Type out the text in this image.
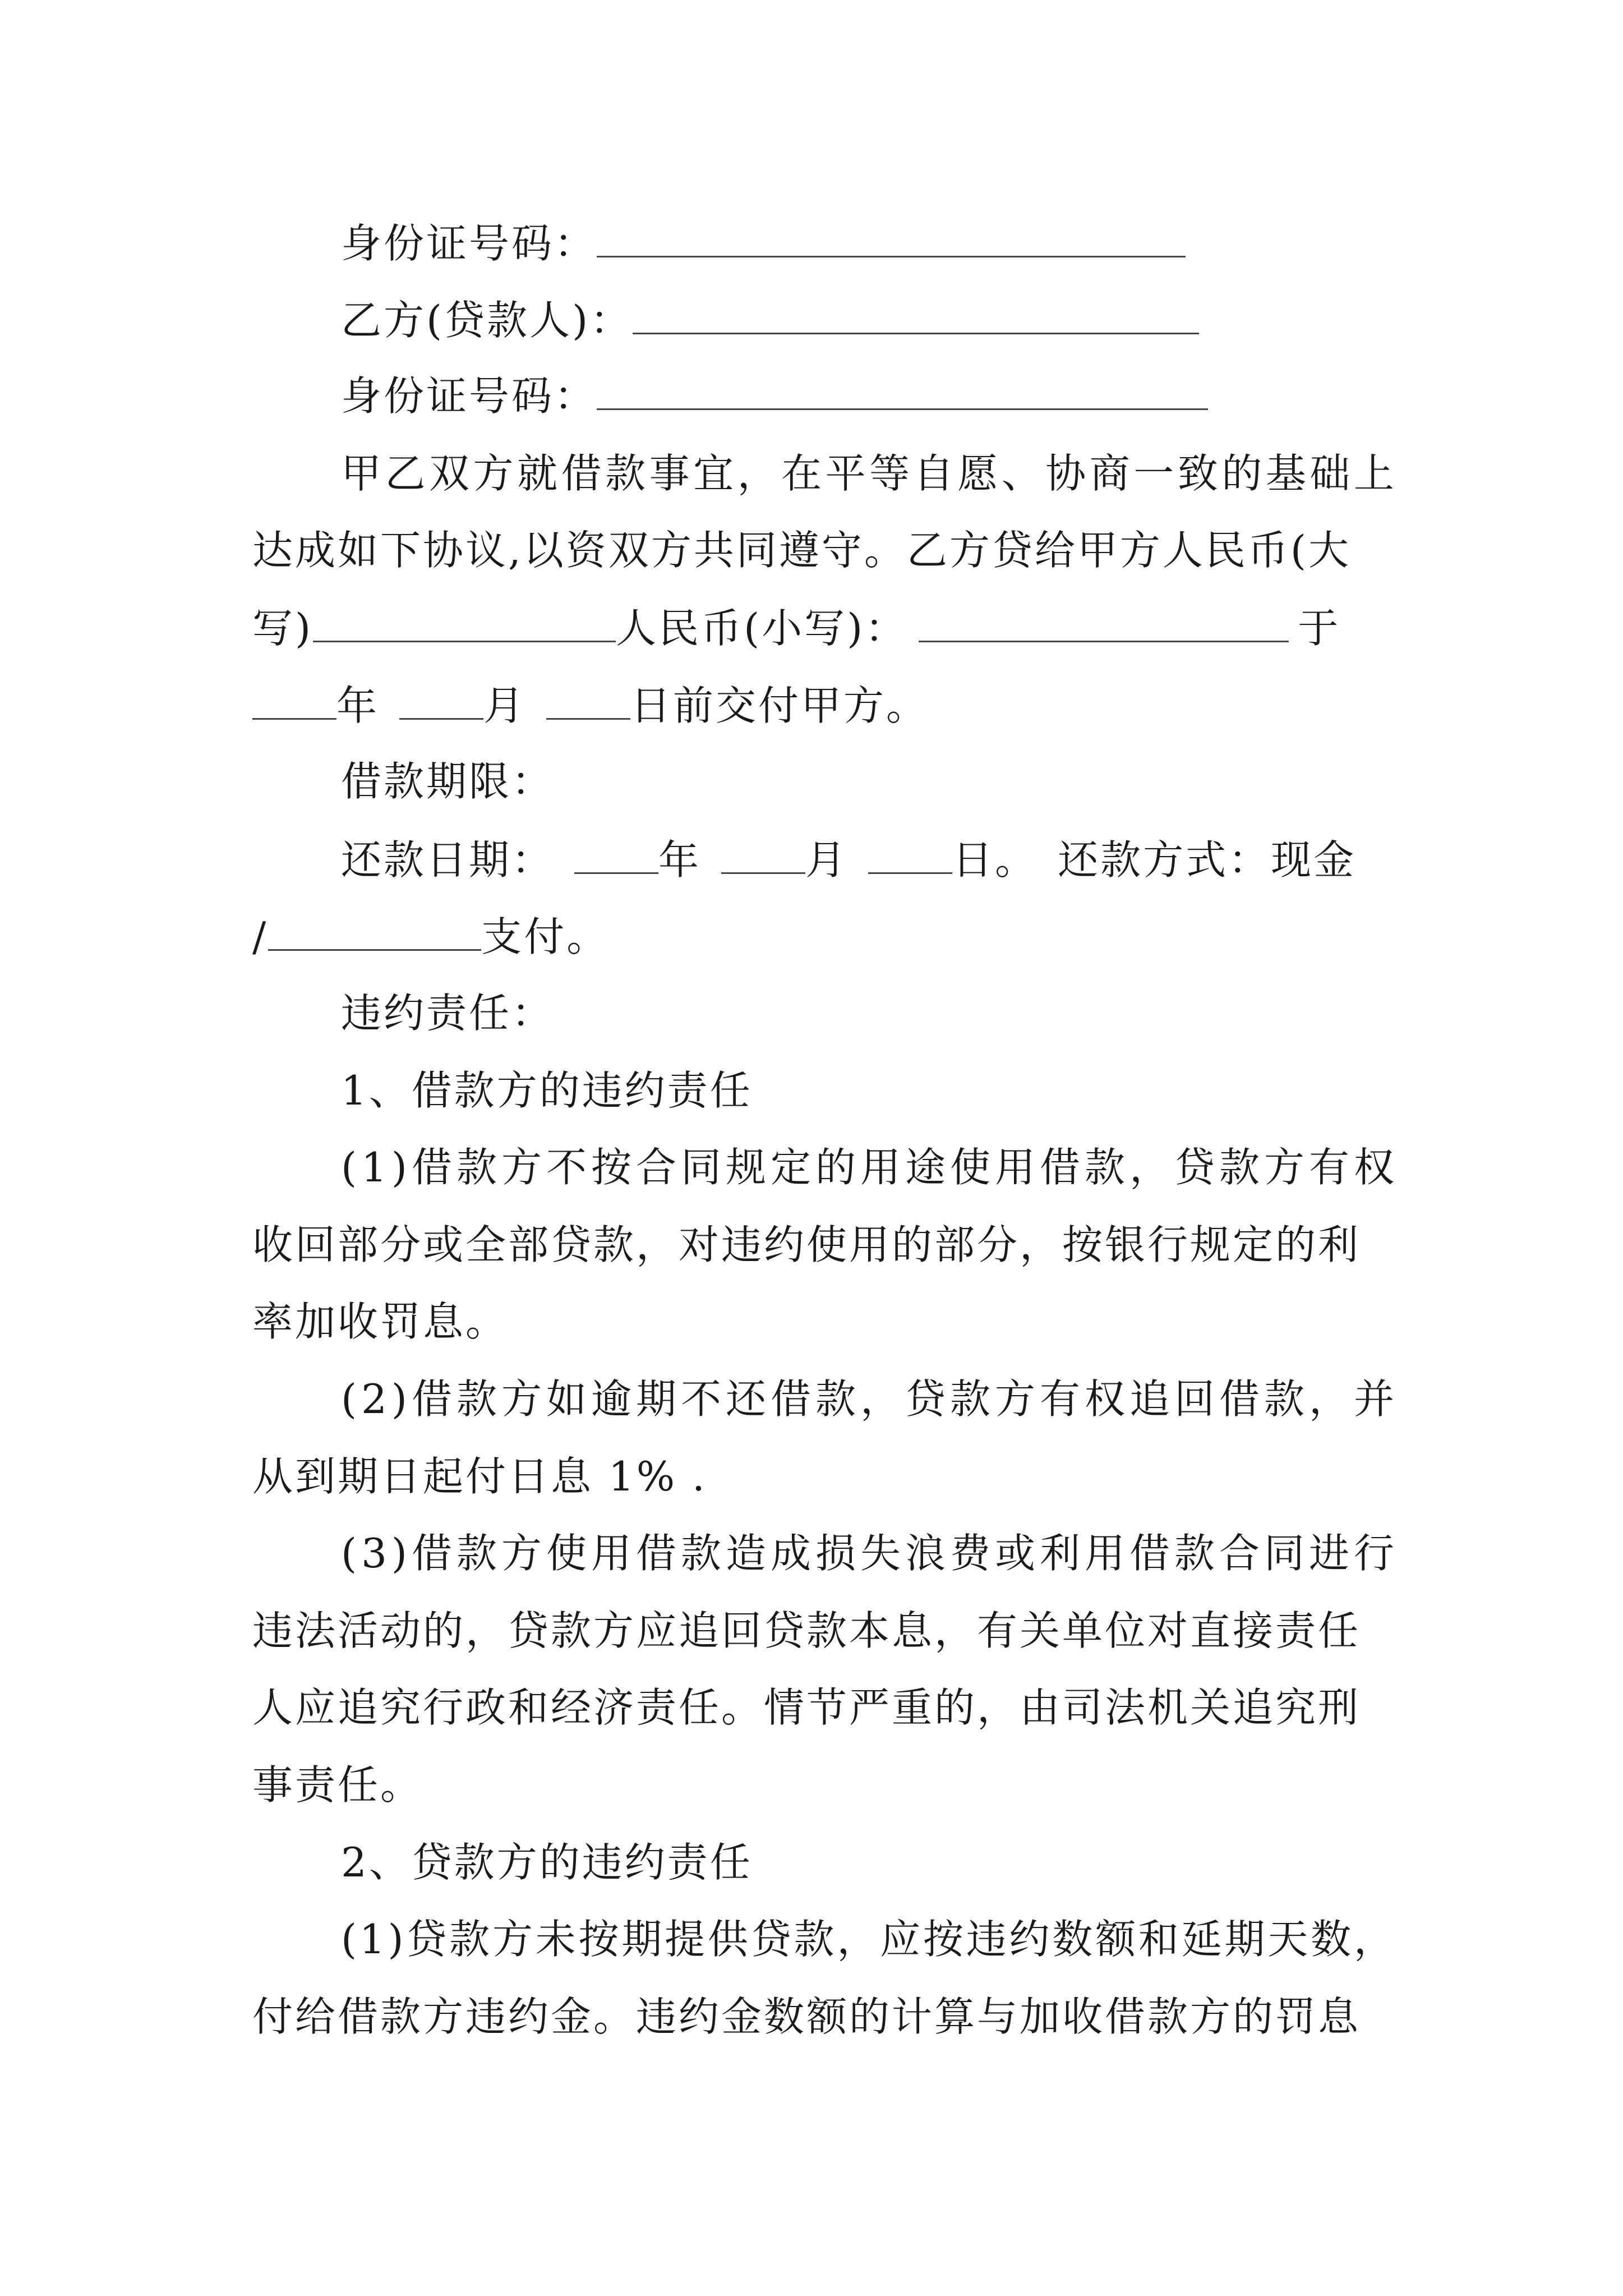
身份证号码：
乙方(贷款人)：
身份证号码：
甲 乙 双 方 就 借 款 事 宜 ， 在 平 等 自 愿 、 协 商 一 致 的 基 础 上
达成如下协议,以资双方共同遵守。乙方贷给甲方人民币(大
写)	人民币(小写)：	于
年	月	日前交付甲方。
借款期限：
还款日期：	年	月	日。 还款方式：现金
/	支付。
违约责任：
1、借款方的违约责任
( 1 ) 借 款 方 不 按 合 同 规 定 的 用 途 使 用 借 款 ， 贷 款 方 有 权
收回部分或全部贷款，对违约使用的部分，按银行规定的利
率加收罚息。
( 2 ) 借 款 方 如 逾 期 不 还 借 款 ， 贷 款 方 有 权 追 回 借 款 ， 并
从到期日起付日息 1% .
( 3 ) 借 款 方 使 用 借 款 造 成 损 失 浪 费 或 利 用 借 款 合 同 进 行
违法活动的，贷款方应追回贷款本息，有关单位对直接责任
人应追究行政和经济责任。情节严重的，由司法机关追究刑
事责任。
2、贷款方的违约责任
( 1 ) 贷 款 方 未 按 期 提 供 贷 款 ， 应 按 违 约 数 额 和 延 期 天 数 ，
付给借款方违约金。违约金数额的计算与加收借款方的罚息
